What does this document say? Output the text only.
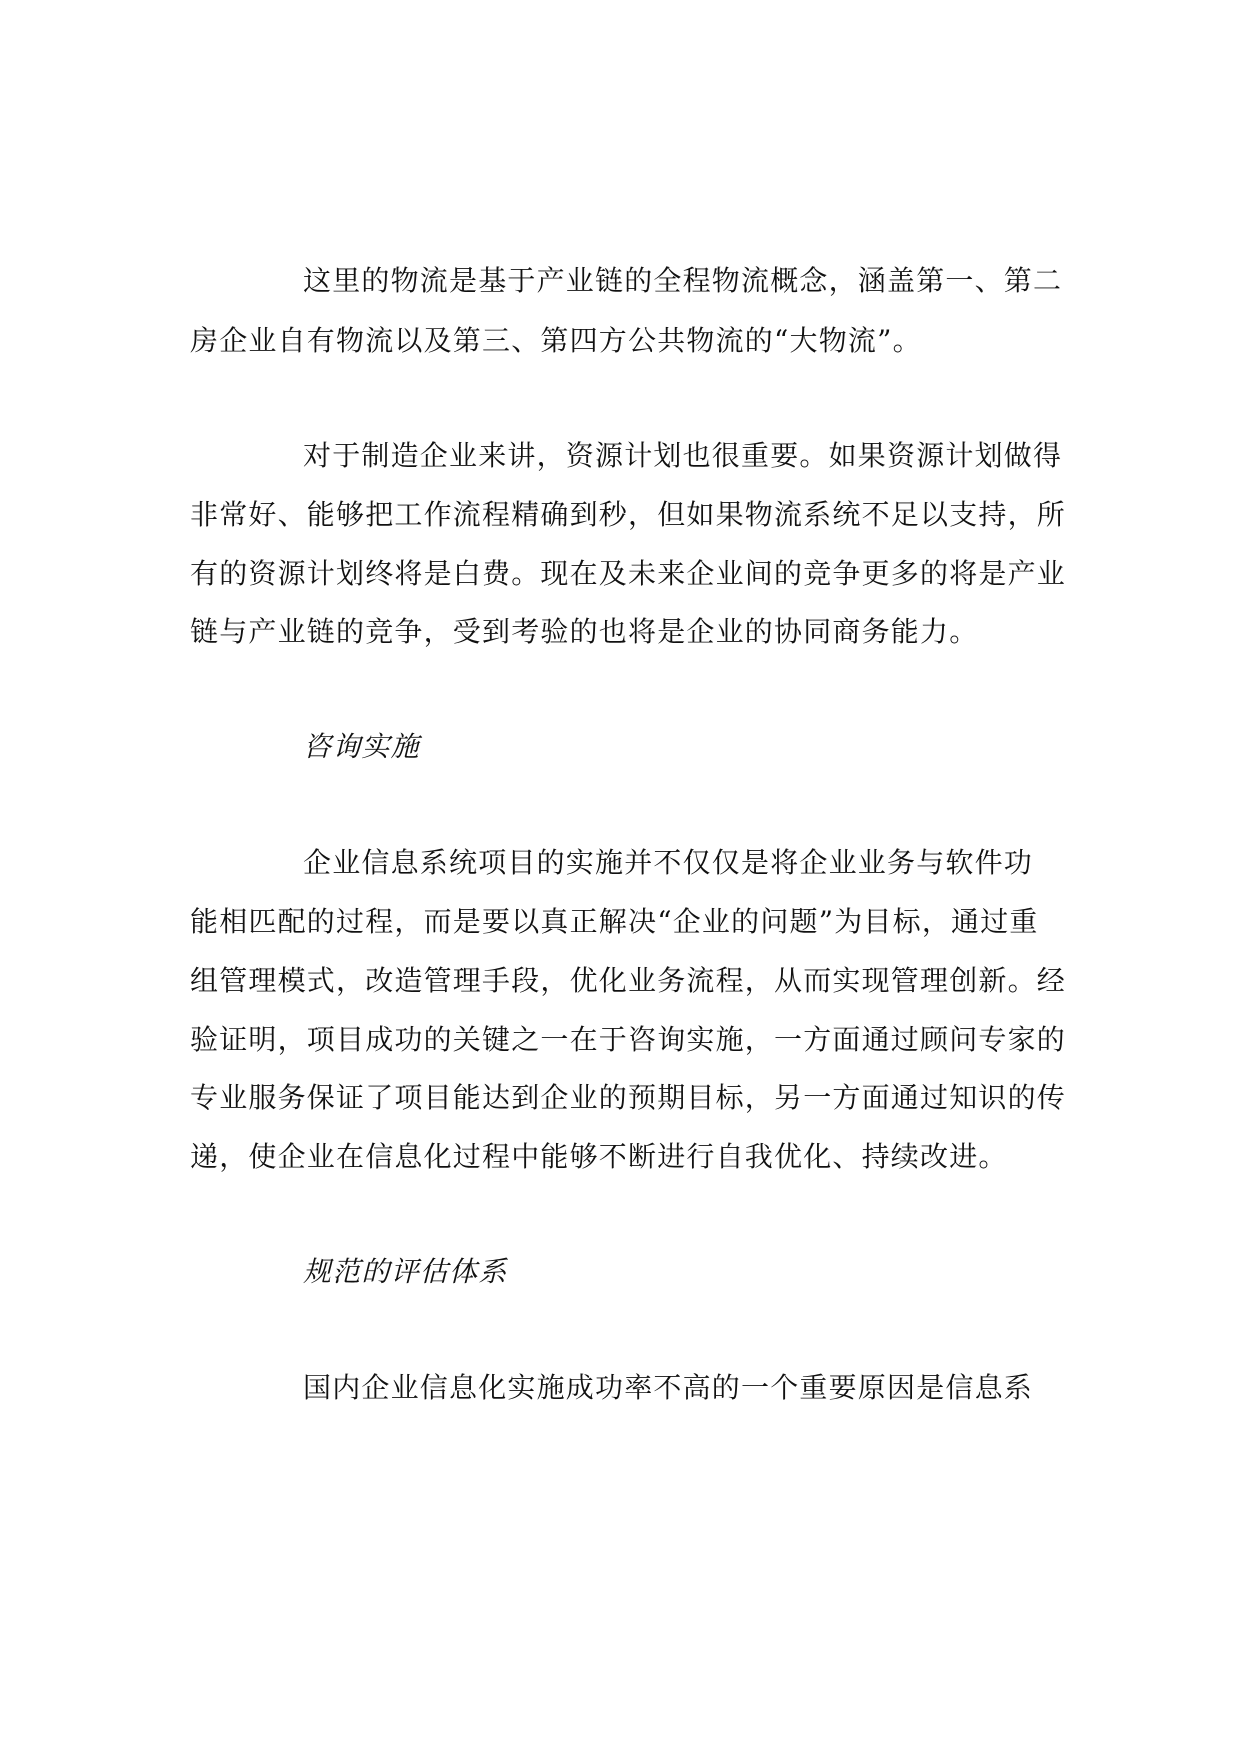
这里的物流是基于产业链的全程物流概念，涵盖第一、第二
房企业自有物流以及第三、第四方公共物流的“大物流”。
对于制造企业来讲，资源计划也很重要。如果资源计划做得
非常好、能够把工作流程精确到秒，但如果物流系统不足以支持，所
有的资源计划终将是白费。现在及未来企业间的竞争更多的将是产业
链与产业链的竞争，受到考验的也将是企业的协同商务能力。
咨询实施
企业信息系统项目的实施并不仅仅是将企业业务与软件功
能相匹配的过程，而是要以真正解决“企业的问题”为目标，通过重
组管理模式，改造管理手段，优化业务流程，从而实现管理创新。经
验证明，项目成功的关键之一在于咨询实施，一方面通过顾问专家的
专业服务保证了项目能达到企业的预期目标，另一方面通过知识的传
递，使企业在信息化过程中能够不断进行自我优化、持续改进。
规范的评估体系
国内企业信息化实施成功率不高的一个重要原因是信息系
